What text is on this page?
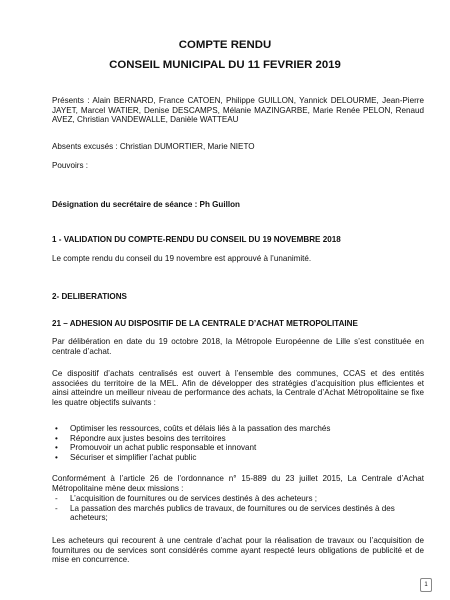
COMPTE RENDU
CONSEIL MUNICIPAL DU 11 FEVRIER 2019
Présents : Alain BERNARD, France CATOEN, Philippe GUILLON, Yannick DELOURME, Jean-Pierre JAYET, Marcel WATIER, Denise DESCAMPS, Mélanie MAZINGARBE, Marie Renée PELON, Renaud AVEZ, Christian VANDEWALLE, Danièle WATTEAU
Absents excusés : Christian DUMORTIER, Marie NIETO
Pouvoirs :
Désignation du secrétaire de séance : Ph Guillon
1 - VALIDATION DU COMPTE-RENDU DU CONSEIL DU 19 NOVEMBRE 2018
Le compte rendu du conseil du 19 novembre est approuvé à l’unanimité.
2- DELIBERATIONS
21 – ADHESION AU DISPOSITIF DE LA CENTRALE D’ACHAT METROPOLITAINE
Par délibération en date du 19 octobre 2018, la Métropole Européenne de Lille s’est constituée en centrale d’achat.
Ce dispositif d’achats centralisés est ouvert à l’ensemble des communes, CCAS et des entités associées du territoire de la MEL. Afin de développer des stratégies d’acquisition plus efficientes et ainsi atteindre un meilleur niveau de performance des achats, la Centrale d’Achat Métropolitaine se fixe les quatre objectifs suivants :
• Optimiser les ressources, coûts et délais liés à la passation des marchés
• Répondre aux justes besoins des territoires
• Promouvoir un achat public responsable et innovant
• Sécuriser et simplifier l’achat public
Conformément à l’article 26 de l’ordonnance n° 15-889 du 23 juillet 2015, La Centrale d’Achat Métropolitaine mène deux missions :
- L’acquisition de fournitures ou de services destinés à des acheteurs ;
- La passation des marchés publics de travaux, de fournitures ou de services destinés à des acheteurs;
Les acheteurs qui recourent à une centrale d’achat pour la réalisation de travaux ou l’acquisition de fournitures ou de services sont considérés comme ayant respecté leurs obligations de publicité et de mise en concurrence.
1
